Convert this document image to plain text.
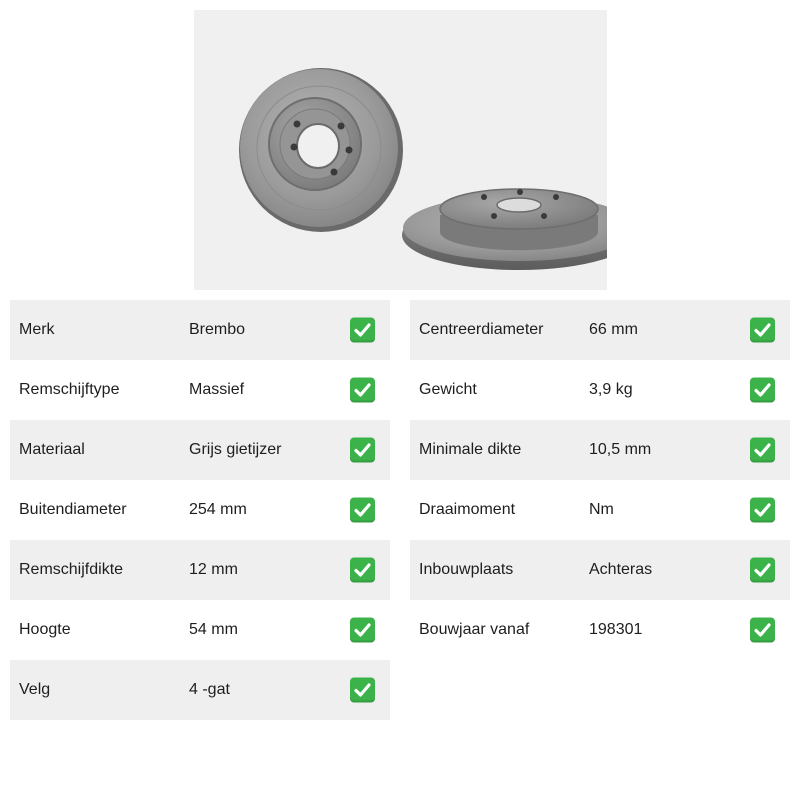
Merk	Brembo
Remschijftype	Massief
Materiaal	Grijs gietijzer
Buitendiameter	254 mm
Remschijfdikte	12 mm
Hoogte	54 mm
Velg	4 -gat
Centreerdiameter	66 mm
Gewicht	3,9 kg
Minimale dikte	10,5 mm
Draaimoment	Nm
Inbouwplaats	Achteras
Bouwjaar vanaf	198301
